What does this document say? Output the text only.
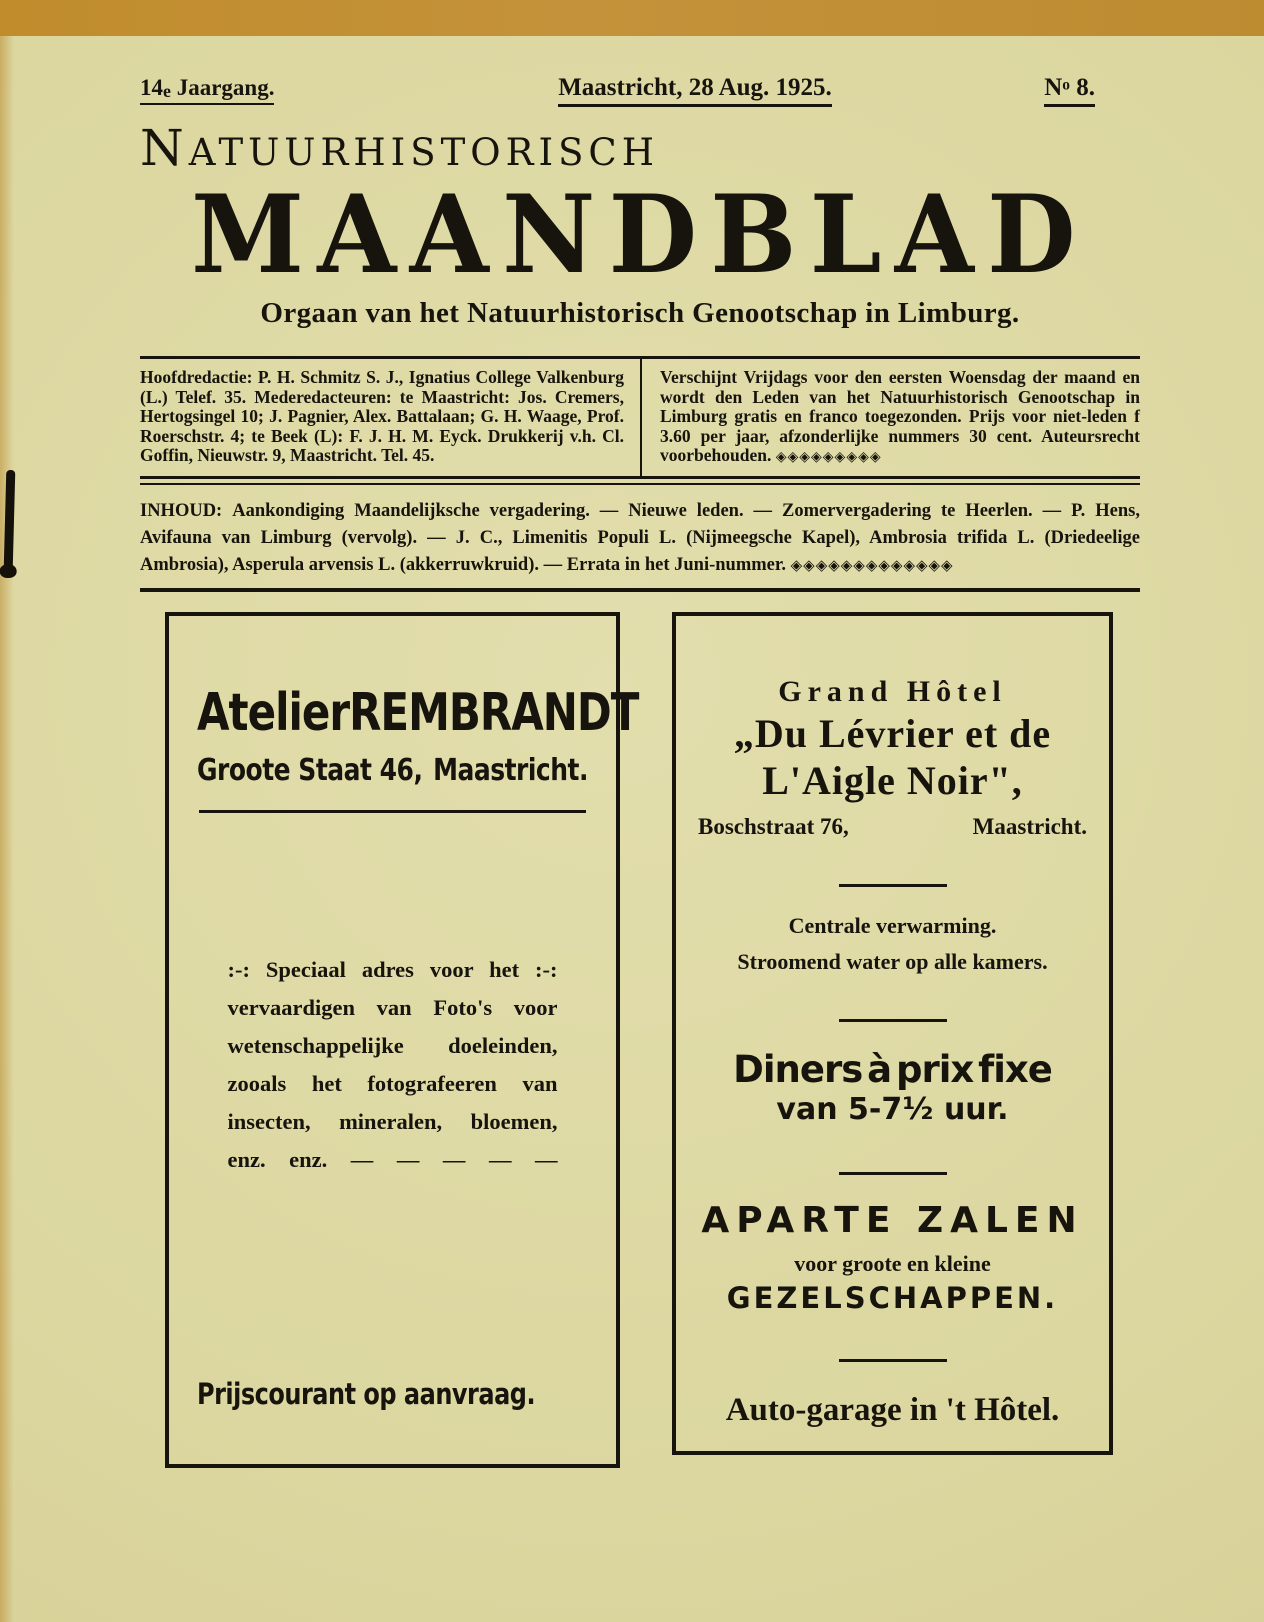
$14_e$ Jaargang.	Maastricht, 28 Aug. 1925.	$N^o$ 8.
NATUURHISTORISCH
MAANDBLAD
Orgaan van het Natuurhistorisch Genootschap in Limburg.
Hoofdredactie: P. H. Schmitz S. J., Ignatius College Valkenburg (L.) Telef. 35. Mederedacteuren: te Maastricht: Jos. Cremers, Hertogsingel 10; J. Pagnier, Alex. Battalaan; G. H. Waage, Prof. Roerschstr. 4; te Beek (L): F. J. H. M. Eyck. Drukkerij v.h. Cl. Goffin, Nieuwstr. 9, Maastricht. Tel. 45.
Verschijnt Vrijdags voor den eersten Woensdag der maand en wordt den Leden van het Natuurhistorisch Genootschap in Limburg gratis en franco toegezonden. Prijs voor niet-leden f 3.60 per jaar, afzonderlijke nummers 30 cent. Auteursrecht voorbehouden. ◈◈◈◈◈◈◈◈◈

INHOUD: Aankondiging Maandelijksche vergadering. — Nieuwe leden. — Zomervergadering te Heerlen. — P. Hens, Avifauna van Limburg (vervolg). — J. C., Limenitis Populi L. (Nijmeegsche Kapel), Ambrosia trifida L. (Driedeelige Ambrosia), Asperula arvensis L. (akkerruwkruid). — Errata in het Juni-nummer. ◈◈◈◈◈◈◈◈◈◈◈◈◈

Atelier REMBRANDT
Groote Staat 46, Maastricht.
:-: Speciaal adres voor het :-:
vervaardigen van Foto's voor
wetenschappelijke doeleinden,
zooals het fotografeeren van
insecten, mineralen, bloemen,
enz. enz. — — — — —
Prijscourant op aanvraag.
Grand Hôtel
„Du Lévrier et de
L'Aigle Noir",
Boschstraat 76,	Maastricht.
Centrale verwarming.
Stroomend water op alle kamers.
Diners à prix fixe
van 5-7¹⁄₂ uur.
APARTE ZALEN
voor groote en kleine
GEZELSCHAPPEN.
Auto-garage in 't Hôtel.
